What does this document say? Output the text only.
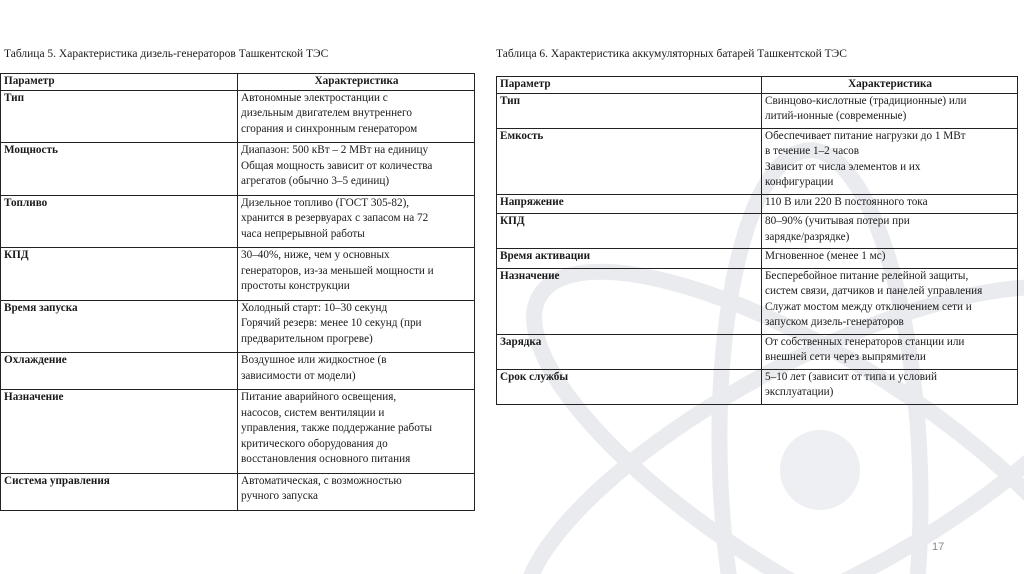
Таблица 5. Характеристика дизель-генераторов Ташкентской ТЭС
Параметр	Характеристика
Тип	Автономные электростанции с
дизельным двигателем внутреннего
сгорания и синхронным генератором

Мощность	Диапазон: 500 кВт – 2 МВт на единицу
Общая мощность зависит от количества
агрегатов (обычно 3–5 единиц)

Топливо	Дизельное топливо (ГОСТ 305-82),
хранится в резервуарах с запасом на 72
часа непрерывной работы

КПД	30–40%, ниже, чем у основных
генераторов, из-за меньшей мощности и
простоты конструкции

Время запуска	Холодный старт: 10–30 секунд
Горячий резерв: менее 10 секунд (при
предварительном прогреве)

Охлаждение	Воздушное или жидкостное (в
зависимости от модели)

Назначение	Питание аварийного освещения,
насосов, систем вентиляции и
управления, также поддержание работы
критического оборудования до
восстановления основного питания

Система управления	Автоматическая, с возможностью
ручного запуска
Таблица 6. Характеристика аккумуляторных батарей Ташкентской ТЭС
Параметр	Характеристика
Тип	Свинцово-кислотные (традиционные) или
литий-ионные (современные)

Емкость	Обеспечивает питание нагрузки до 1 МВт
в течение 1–2 часов
Зависит от числа элементов и их
конфигурации

Напряжение	110 В или 220 В постоянного тока

КПД	80–90% (учитывая потери при
зарядке/разрядке)

Время активации	Мгновенное (менее 1 мс)

Назначение	Бесперебойное питание релейной защиты,
систем связи, датчиков и панелей управления
Служат мостом между отключением сети и
запуском дизель-генераторов

Зарядка	От собственных генераторов станции или
внешней сети через выпрямители

Срок службы	5–10 лет (зависит от типа и условий
эксплуатации)
17
